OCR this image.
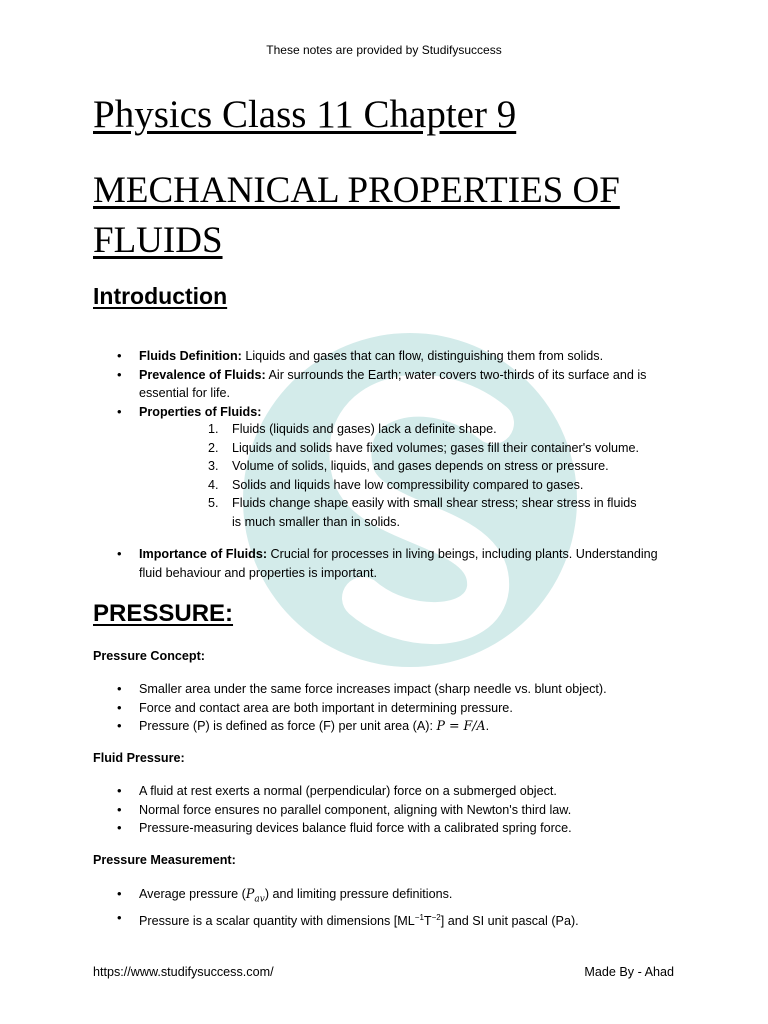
These notes are provided by Studifysuccess
Physics Class 11 Chapter 9
MECHANICAL PROPERTIES OF FLUIDS
Introduction
• Fluids Definition: Liquids and gases that can flow, distinguishing them from solids.
• Prevalence of Fluids: Air surrounds the Earth; water covers two-thirds of its surface and is essential for life.
• Properties of Fluids:
1. Fluids (liquids and gases) lack a definite shape.
2. Liquids and solids have fixed volumes; gases fill their container's volume.
3. Volume of solids, liquids, and gases depends on stress or pressure.
4. Solids and liquids have low compressibility compared to gases.
5. Fluids change shape easily with small shear stress; shear stress in fluids is much smaller than in solids.
• Importance of Fluids: Crucial for processes in living beings, including plants. Understanding fluid behaviour and properties is important.
PRESSURE:
Pressure Concept:
• Smaller area under the same force increases impact (sharp needle vs. blunt object).
• Force and contact area are both important in determining pressure.
• Pressure (P) is defined as force (F) per unit area (A): P = F/A.
Fluid Pressure:
• A fluid at rest exerts a normal (perpendicular) force on a submerged object.
• Normal force ensures no parallel component, aligning with Newton's third law.
• Pressure-measuring devices balance fluid force with a calibrated spring force.
Pressure Measurement:
• Average pressure $(P_{av})$ and limiting pressure definitions.
• Pressure is a scalar quantity with dimensions $[ML^{-1}T^{-2}]$ and SI unit pascal (Pa).
https://www.studifysuccess.com/	Made By - Ahad
